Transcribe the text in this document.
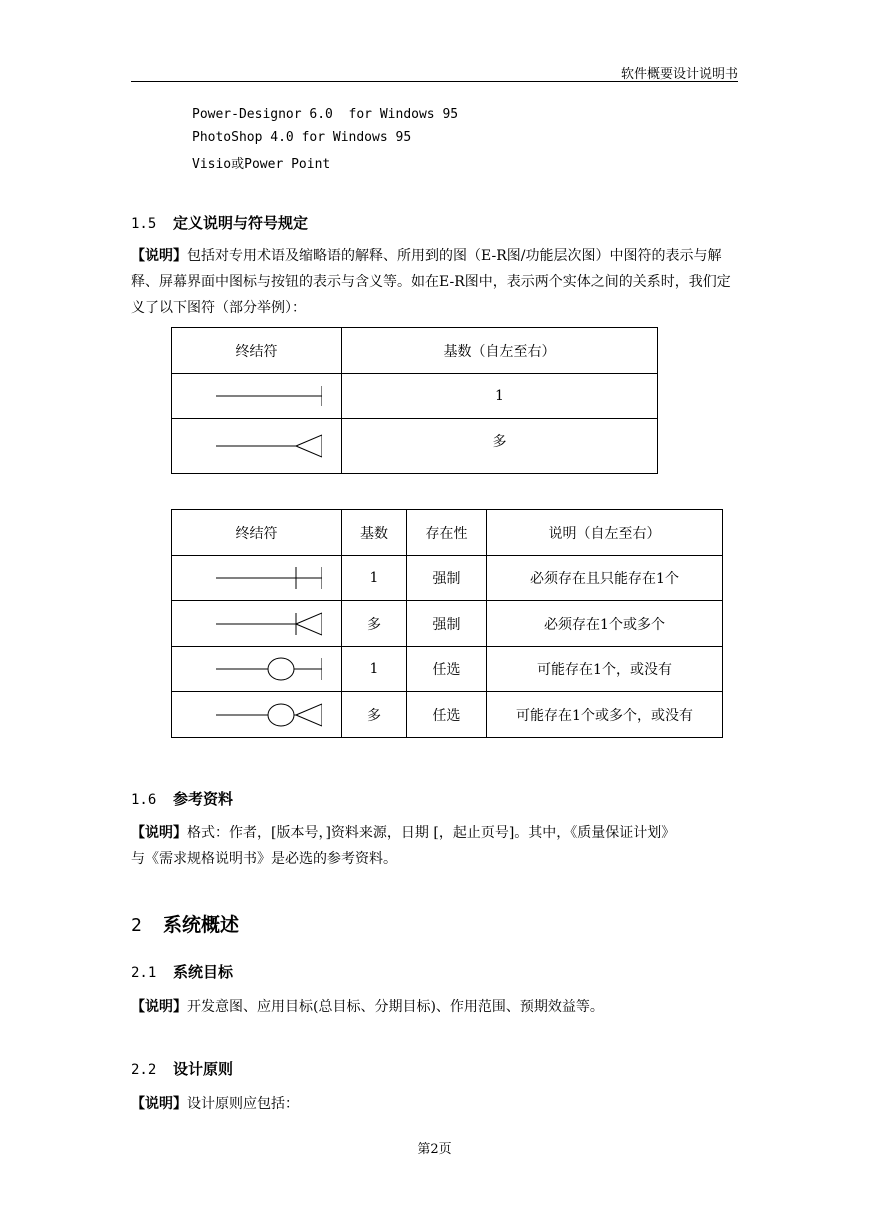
软件概要设计说明书
Power-Designor 6.0  for Windows 95
PhotoShop 4.0 for Windows 95
Visio或Power Point
1.5 定义说明与符号规定
【说明】包括对专用术语及缩略语的解释、所用到的图（E-R图/功能层次图）中图符的表示与解释、屏幕界面中图标与按钮的表示与含义等。如在E-R图中，表示两个实体之间的关系时，我们定义了以下图符（部分举例）：
终结符	基数（自左至右）

	1

	多
终结符	基数	存在性	说明（自左至右）

	1	强制	必须存在且只能存在1个

	多	强制	必须存在1个或多个

	1	任选	可能存在1个，或没有

	多	任选	可能存在1个或多个，或没有
1.6 参考资料
【说明】格式：作者，[版本号，]资料来源，日期 [，起止页号]。其中，《质量保证计划》
与《需求规格说明书》是必选的参考资料。
2 系统概述
2.1 系统目标
【说明】开发意图、应用目标(总目标、分期目标)、作用范围、预期效益等。
2.2 设计原则
【说明】设计原则应包括：
第2页
